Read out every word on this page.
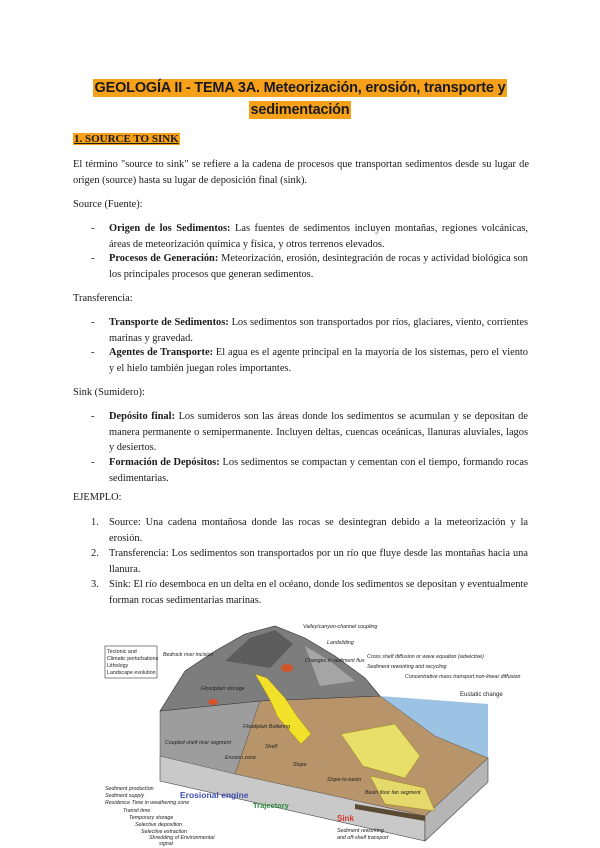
GEOLOGÍA II - TEMA 3A. Meteorización, erosión, transporte y
sedimentación
1. SOURCE TO SINK
El término "source to sink" se refiere a la cadena de procesos que transportan sedimentos desde su lugar de origen (source) hasta su lugar de deposición final (sink).
Source (Fuente):
- Origen de los Sedimentos: Las fuentes de sedimentos incluyen montañas, regiones volcánicas, áreas de meteorización química y física, y otros terrenos elevados.
- Procesos de Generación: Meteorización, erosión, desintegración de rocas y actividad biológica son los principales procesos que generan sedimentos.
Transferencia:
- Transporte de Sedimentos: Los sedimentos son transportados por ríos, glaciares, viento, corrientes marinas y gravedad.
- Agentes de Transporte: El agua es el agente principal en la mayoría de los sistemas, pero el viento y el hielo también juegan roles importantes.
Sink (Sumidero):
- Depósito final: Los sumideros son las áreas donde los sedimentos se acumulan y se depositan de manera permanente o semipermanente. Incluyen deltas, cuencas oceánicas, llanuras aluviales, lagos y desiertos.
- Formación de Depósitos: Los sedimentos se compactan y cementan con el tiempo, formando rocas sedimentarias.
EJEMPLO:
1. Source: Una cadena montañosa donde las rocas se desintegran debido a la meteorización y la erosión.
2. Transferencia: Los sedimentos son transportados por un río que fluye desde las montañas hacia una llanura.
3. Sink: El río desemboca en un delta en el océano, donde los sedimentos se depositan y eventualmente forman rocas sedimentarias marinas.
Tectonic and
Climatic perturbations
Lithology
Landscape evolution
Valley/canyon-channel coupling
Landsliding
Bedrock river incision
Changes in sediment flux
Floodplain storage
Cross shelf diffusion or wave equation (advective)
Sediment reworking and recycling
Concentrative mass transport non-linear diffusion
Eustatic change
Floodplain Buttering
Shelf
Slope
Slope-to-basin
Basin floor fan segment
Coupled shelf river segment
Erosion zone
Sediment production
Sediment supply
Residence Time in weathering zone
Erosional engine
Trajectory
Sink
Transit time
Temporary storage
Selective deposition
Selective extraction
Shredding of Environmental
signal
Sediment reworking
and off-shelf transport
